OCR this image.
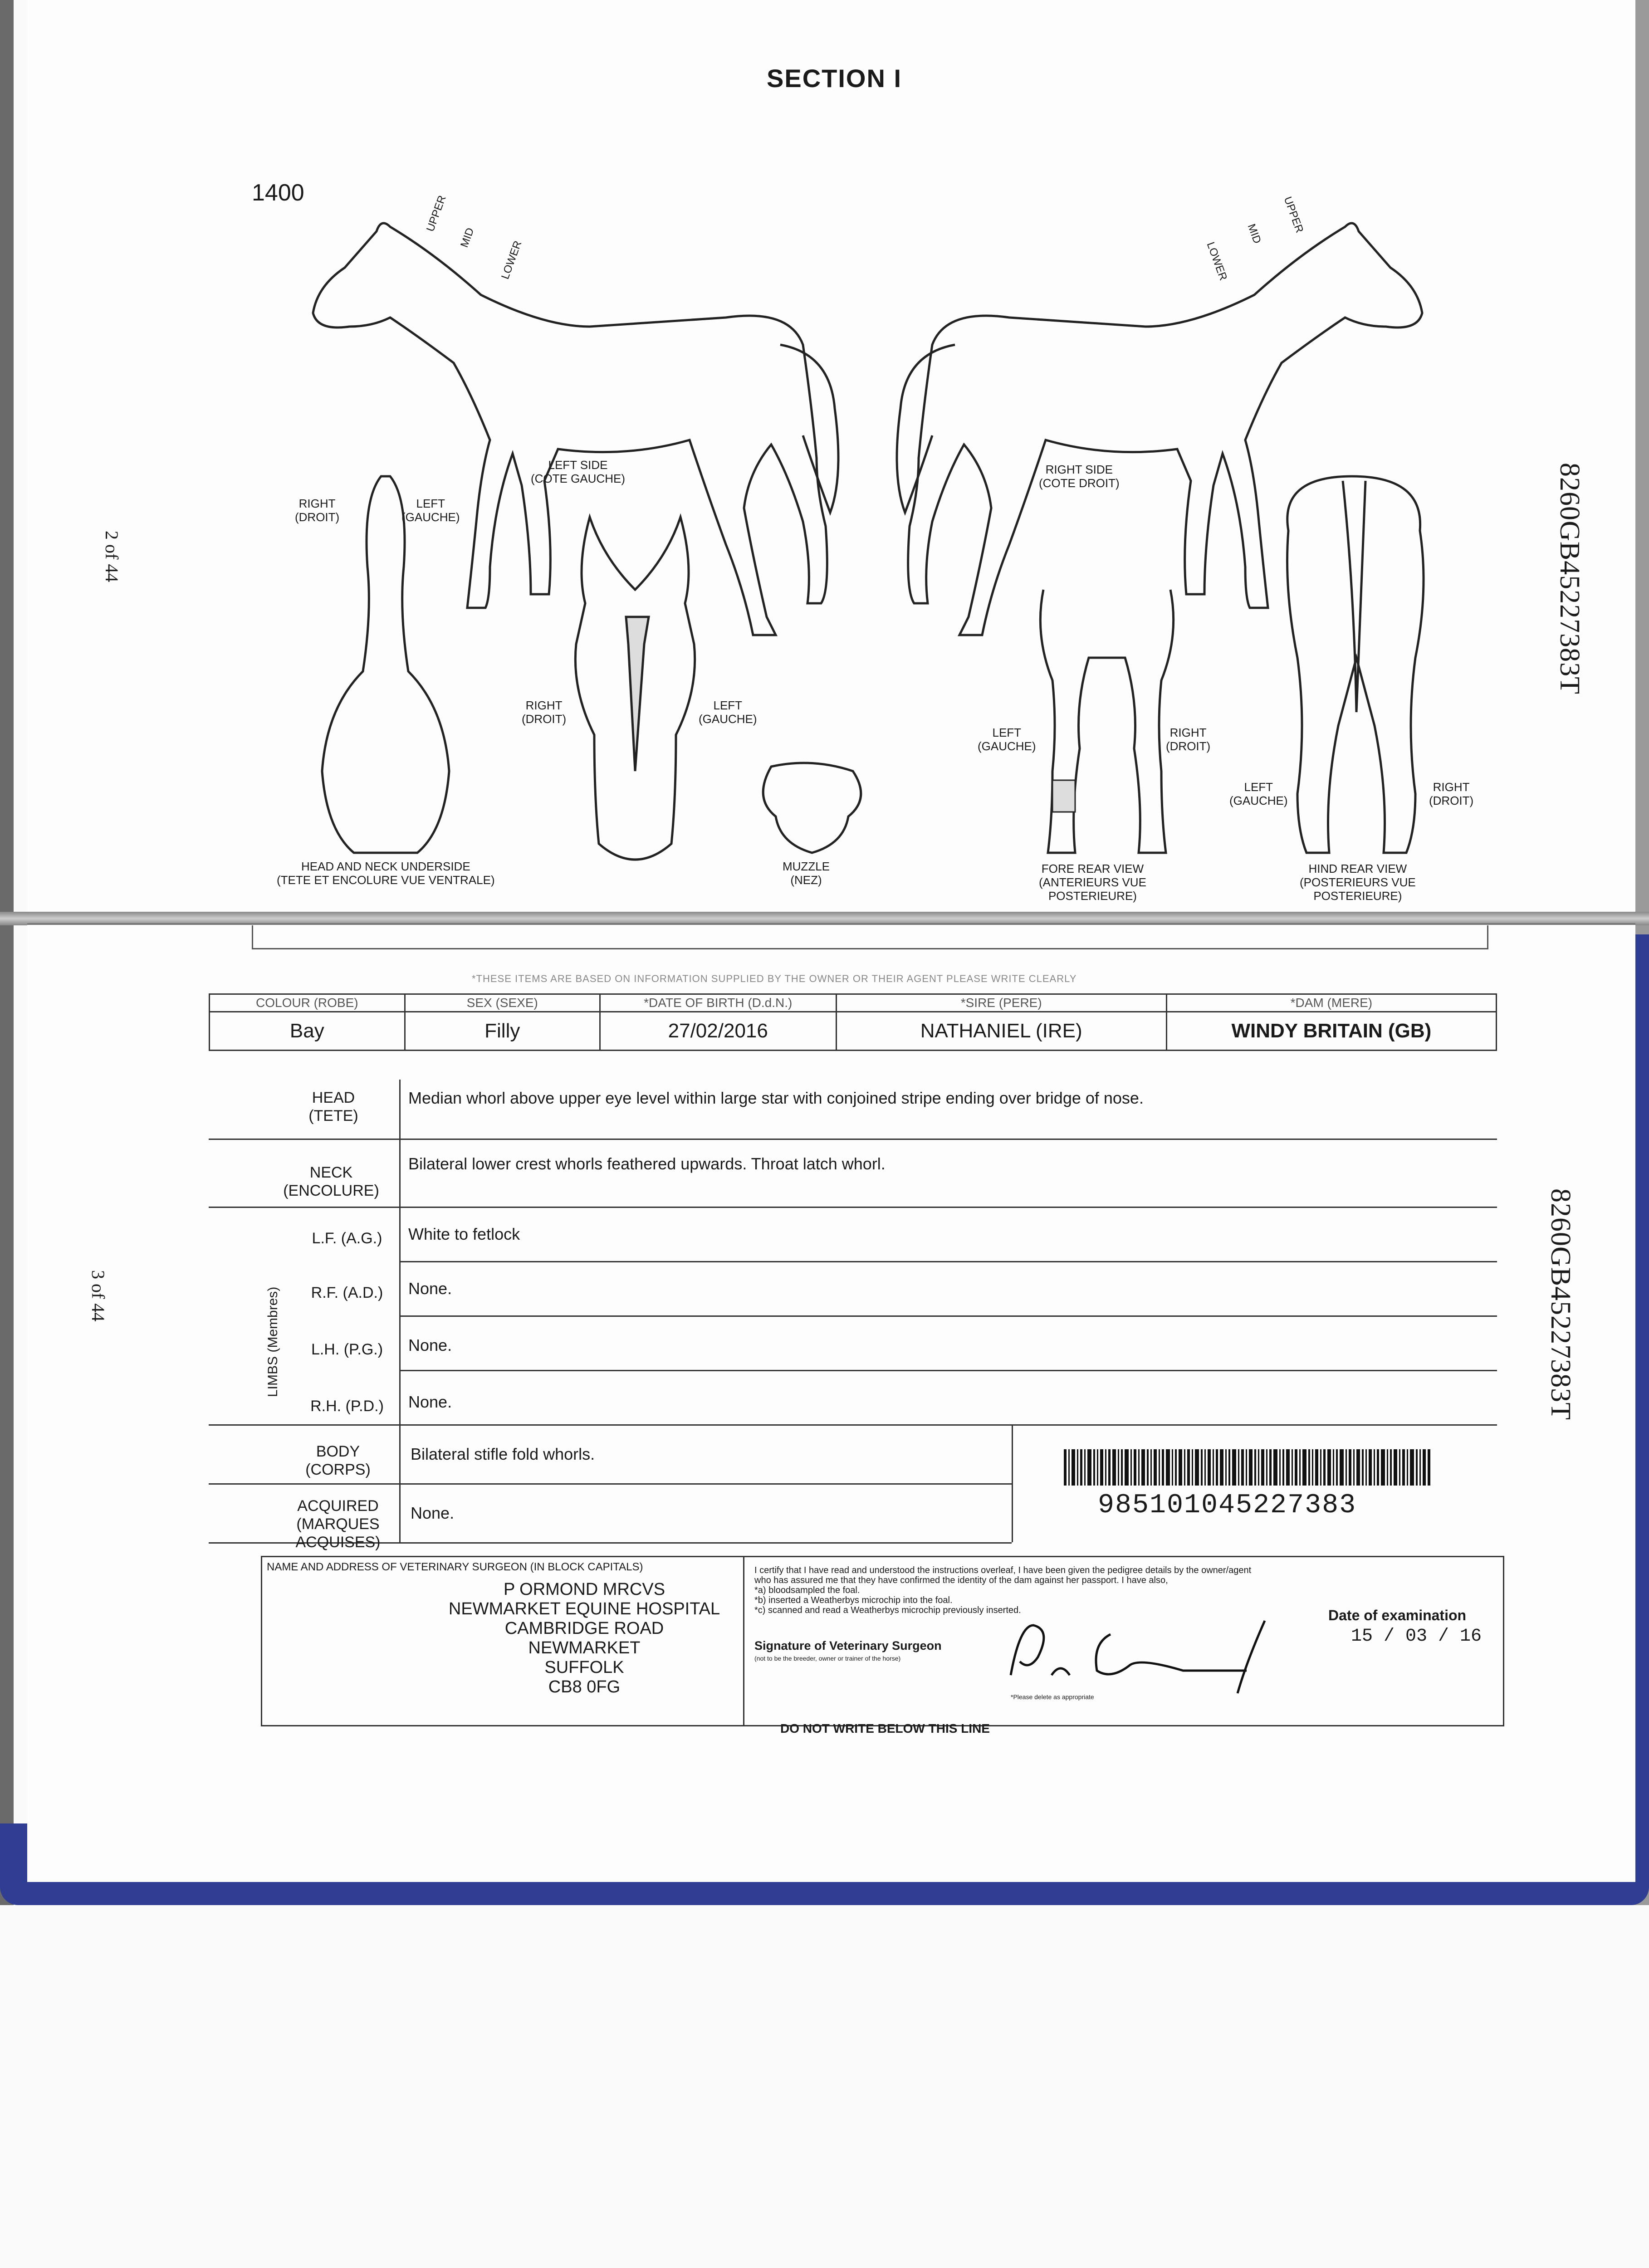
SECTION I
1400
2 of 44
3 of 44
8260GB45227383T
8260GB45227383T
UPPER
MID
LOWER
UPPER
MID
LOWER
LEFT SIDE
(COTE GAUCHE)
RIGHT SIDE
(COTE DROIT)
RIGHT
(DROIT)
LEFT
(GAUCHE)
HEAD AND NECK UNDERSIDE
(TETE ET ENCOLURE VUE VENTRALE)
RIGHT
(DROIT)
LEFT
(GAUCHE)
MUZZLE
(NEZ)
LEFT
(GAUCHE)
RIGHT
(DROIT)
FORE REAR VIEW
(ANTERIEURS VUE
POSTERIEURE)
LEFT
(GAUCHE)
RIGHT
(DROIT)
HIND REAR VIEW
(POSTERIEURS VUE
POSTERIEURE)
*THESE ITEMS ARE BASED ON INFORMATION SUPPLIED BY THE OWNER OR THEIR AGENT PLEASE WRITE CLEARLY
COLOUR (ROBE)	SEX (SEXE)	*DATE OF BIRTH (D.d.N.)	*SIRE (PERE)	*DAM (MERE)
Bay	Filly	27/02/2016	NATHANIEL (IRE)	WINDY BRITAIN (GB)
HEAD
(TETE)
Median whorl above upper eye level within large star with conjoined stripe ending over bridge of nose.
NECK
(ENCOLURE)
Bilateral lower crest whorls feathered upwards. Throat latch whorl.
LIMBS (Membres)
L.F. (A.G.)	White to fetlock
R.F. (A.D.)	None.
L.H. (P.G.)	None.
R.H. (P.D.)	None.
BODY
(CORPS)
Bilateral stifle fold whorls.
ACQUIRED
(MARQUES
ACQUISES)
None.	985101045227383
NAME AND ADDRESS OF VETERINARY SURGEON (IN BLOCK CAPITALS)
P ORMOND MRCVS
NEWMARKET EQUINE HOSPITAL
CAMBRIDGE ROAD
NEWMARKET
SUFFOLK
CB8 0FG
I certify that I have read and understood the instructions overleaf, I have been given the pedigree details by the owner/agent
who has assured me that they have confirmed the identity of the dam against her passport. I have also,
*a) bloodsampled the foal.
*b) inserted a Weatherbys microchip into the foal.
*c) scanned and read a Weatherbys microchip previously inserted.
Signature of Veterinary Surgeon
(not to be the breeder, owner or trainer of the horse)
*Please delete as appropriate
Date of examination
15 / 03 / 16
DO NOT WRITE BELOW THIS LINE
